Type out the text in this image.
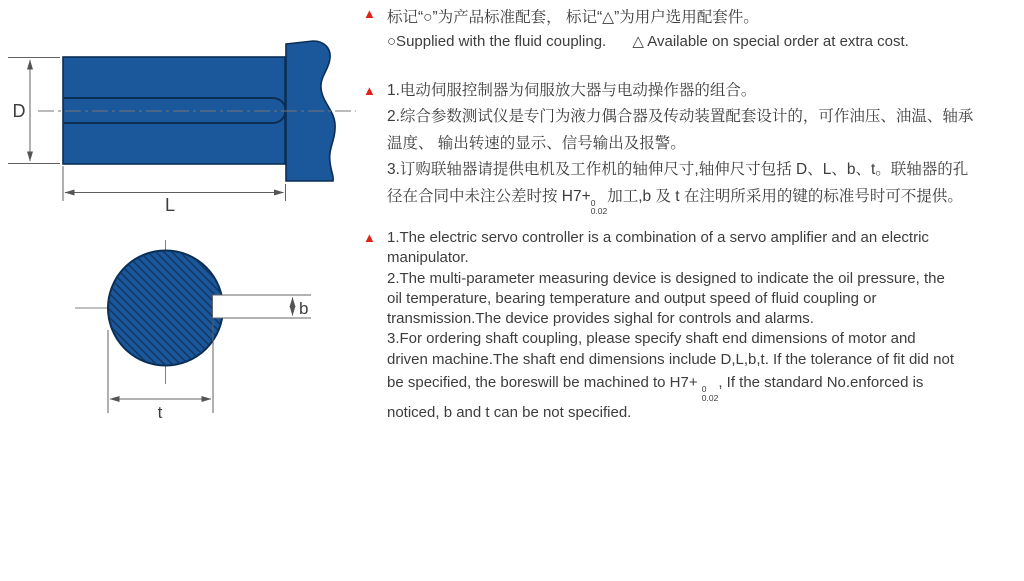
D
L
b
t
▲ 标记“○”为产品标准配套， 标记“△”为用户选用配套件。
○Supplied with the fluid coupling. △ Available on special order at extra cost.
▲ 1.电动伺服控制器为伺服放大器与电动操作器的组合。
2.综合参数测试仪是专门为液力偶合器及传动装置配套设计的，可作油压、油温、轴承
温度、 输出转速的显示、信号输出及报警。
3.订购联轴器请提供电机及工作机的轴伸尺寸,轴伸尺寸包括 D、L、b、t。联轴器的孔
径在合同中未注公差时按 H7+ 0
0.02
加工,b 及 t 在注明所采用的键的标准号时可不提供。
▲ 1.The electric servo controller is a combination of a servo amplifier and an electric
manipulator.
2.The multi-parameter measuring device is designed to indicate the oil pressure, the
oil temperature, bearing temperature and output speed of fluid coupling or
transmission.The device provides sighal for controls and alarms.
3.For ordering shaft coupling, please specify shaft end dimensions of motor and
driven machine.The shaft end dimensions include D,L,b,t. If the tolerance of fit did not
be specified, the boreswill be machined to H7+ 0
0.02
, If the standard No.enforced is
noticed, b and t can be not specified.
